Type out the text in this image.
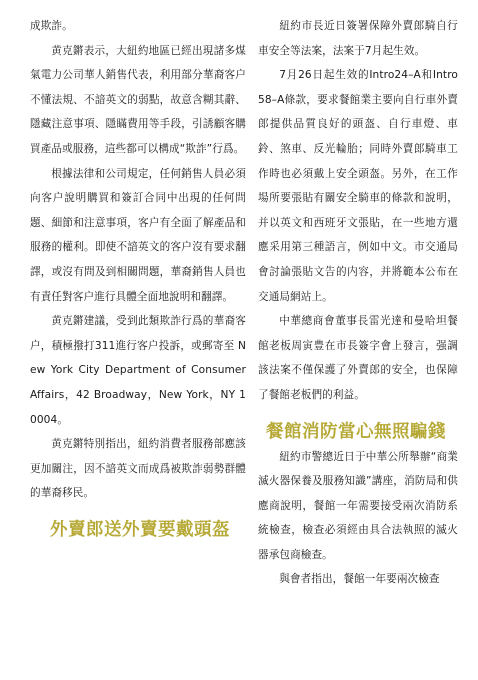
成欺詐。

黄克鏘表示，大紐約地區已經出現諸多煤氣電力公司華人銷售代表，利用部分華裔客户不懂法規、不諳英文的弱點，故意含糊其辭、隱藏注意事項、隱瞞費用等手段，引誘顧客購買產品或服務，這些都可以構成“欺詐”行爲。

根據法律和公司規定，任何銷售人員必須向客户說明購買和簽訂合同中出現的任何問題、細節和注意事項，客户有全面了解產品和服務的權利。即使不諳英文的客户沒有要求翻譯，或沒有問及到相關問題，華裔銷售人員也有責任對客户進行具體全面地說明和翻譯。

黄克鏘建議，受到此類欺詐行爲的華裔客户，積極撥打311進行客户投訴，或郵寄至 New York City Department of Consumer Affairs，42 Broadway，New York，NY 10004。

黄克鏘特別指出，紐約消費者服務部應該更加關注，因不諳英文而成爲被欺詐弱勢群體的華裔移民。

外賣郎送外賣要戴頭盔

紐約市長近日簽署保障外賣郎騎自行車安全等法案，法案于7月起生效。

7月26日起生效的Intro24–A和Intro58–A條款，要求餐館業主要向自行車外賣郎提供品質良好的頭盔、自行車燈、車鈴、煞車、反光輪胎；同時外賣郎騎車工作時也必須戴上安全頭盔。另外，在工作場所要張貼有關安全騎車的條款和說明，并以英文和西班牙文張貼，在一些地方還應采用第三種語言，例如中文。市交通局會討論張貼文告的内容，并將範本公布在交通局網站上。

中華總商會董事長雷光達和曼哈坦餐館老板周寅豊在市長簽字會上發言，强調該法案不僅保護了外賣郎的安全，也保障了餐館老板們的利益。

餐館消防當心無照騙錢

紐約市警總近日于中華公所舉辦“商業滅火器保養及服務知識”講座，消防局和供應商說明，餐館一年需要接受兩次消防系統檢查，檢查必須經由具合法執照的滅火器承包商檢查。

與會者指出，餐館一年要兩次檢查
